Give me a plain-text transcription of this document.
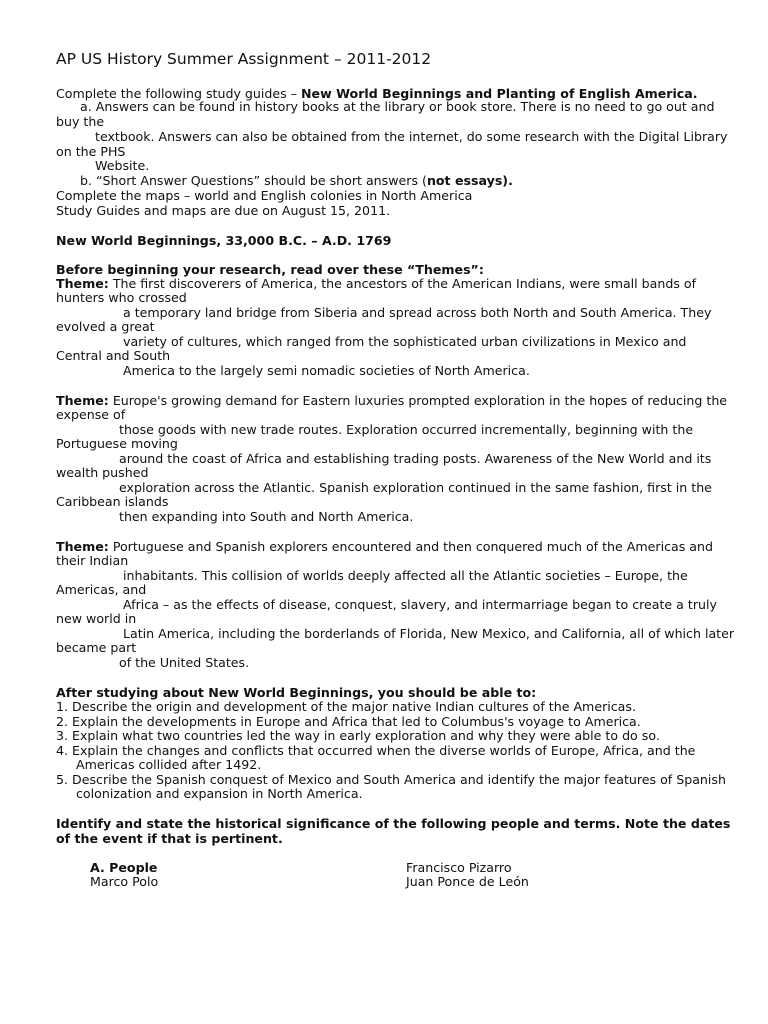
AP US History Summer Assignment – 2011-2012
Complete the following study guides – New World Beginnings and Planting of English America.
a. Answers can be found in history books at the library or book store. There is no need to go out and
buy the
textbook. Answers can also be obtained from the internet, do some research with the Digital Library
on the PHS
Website.
b. “Short Answer Questions” should be short answers (not essays).
Complete the maps – world and English colonies in North America
Study Guides and maps are due on August 15, 2011.
New World Beginnings, 33,000 B.C. – A.D. 1769
Before beginning your research, read over these “Themes”:
Theme: The first discoverers of America, the ancestors of the American Indians, were small bands of
hunters who crossed
a temporary land bridge from Siberia and spread across both North and South America. They
evolved a great
variety of cultures, which ranged from the sophisticated urban civilizations in Mexico and
Central and South
America to the largely semi nomadic societies of North America.
Theme: Europe's growing demand for Eastern luxuries prompted exploration in the hopes of reducing the
expense of
those goods with new trade routes. Exploration occurred incrementally, beginning with the
Portuguese moving
around the coast of Africa and establishing trading posts. Awareness of the New World and its
wealth pushed
exploration across the Atlantic. Spanish exploration continued in the same fashion, first in the
Caribbean islands
then expanding into South and North America.
Theme: Portuguese and Spanish explorers encountered and then conquered much of the Americas and
their Indian
inhabitants. This collision of worlds deeply affected all the Atlantic societies – Europe, the
Americas, and
Africa – as the effects of disease, conquest, slavery, and intermarriage began to create a truly
new world in
Latin America, including the borderlands of Florida, New Mexico, and California, all of which later
became part
of the United States.
After studying about New World Beginnings, you should be able to:
1. Describe the origin and development of the major native Indian cultures of the Americas.
2. Explain the developments in Europe and Africa that led to Columbus's voyage to America.
3. Explain what two countries led the way in early exploration and why they were able to do so.
4. Explain the changes and conflicts that occurred when the diverse worlds of Europe, Africa, and the
Americas collided after 1492.
5. Describe the Spanish conquest of Mexico and South America and identify the major features of Spanish
colonization and expansion in North America.
Identify and state the historical significance of the following people and terms. Note the dates
of the event if that is pertinent.
A. People
Marco Polo
Francisco Pizarro
Juan Ponce de León
